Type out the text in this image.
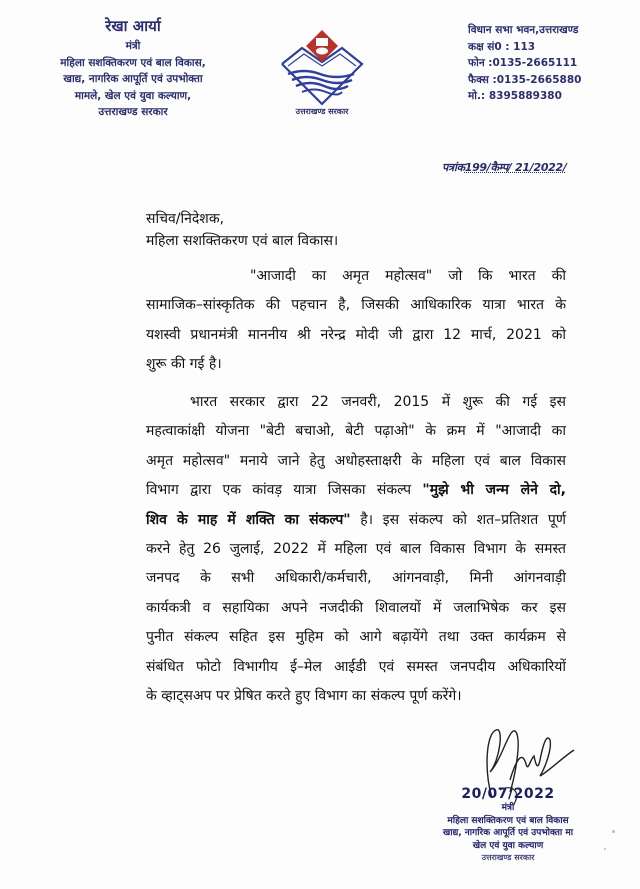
रेखा आर्या
मंत्री
महिला सशक्तिकरण एवं बाल विकास,
खाद्य, नागरिक आपूर्ति एवं उपभोक्ता
मामले, खेल एवं युवा कल्याण,
उत्तराखण्ड सरकार	उत्तराखण्ड सरकार
विधान सभा भवन,उत्तराखण्ड
कक्ष सं0 : 113
फोन :0135-2665111
फैक्स :0135-2665880
मो.: 8395889380
पत्रांक199/कैम्प/ 21/2022/
सचिव/निदेशक,
महिला सशक्तिकरण एवं बाल विकास।
"आजादी का अमृत महोत्सव" जो कि भारत की
सामाजिक–सांस्कृतिक की पहचान है, जिसकी आधिकारिक यात्रा भारत के
यशस्वी प्रधानमंत्री माननीय श्री नरेन्द्र मोदी जी द्वारा 12 मार्च, 2021 को
शुरू की गई है।
भारत सरकार द्वारा 22 जनवरी, 2015 में शुरू की गई इस
महत्वाकांक्षी योजना "बेटी बचाओ, बेटी पढ़ाओ" के क्रम में "आजादी का
अमृत महोत्सव" मनाये जाने हेतु अधोहस्ताक्षरी के महिला एवं बाल विकास
विभाग द्वारा एक कांवड़ यात्रा जिसका संकल्प "मुझे भी जन्म लेने दो,
शिव के माह में शक्ति का संकल्प" है। इस संकल्प को शत–प्रतिशत पूर्ण
करने हेतु 26 जुलाई, 2022 में महिला एवं बाल विकास विभाग के समस्त
जनपद के सभी अधिकारी/कर्मचारी, आंगनवाड़ी, मिनी आंगनवाड़ी
कार्यकत्री व सहायिका अपने नजदीकी शिवालयों में जलाभिषेक कर इस
पुनीत संकल्प सहित इस मुहिम को आगे बढ़ायेंगे तथा उक्त कार्यक्रम से
संबंधित फोटो विभागीय ई–मेल आईडी एवं समस्त जनपदीय अधिकारियों
के व्हाट्सअप पर प्रेषित करते हुए विभाग का संकल्प पूर्ण करेंगे।
20/07/2022
मंत्री
महिला सशक्तिकरण एवं बाल विकास
खाद्य, नागरिक आपूर्ति एवं उपभोक्ता मा
खेल एवं युवा कल्याण
उत्तराखण्ड सरकार
